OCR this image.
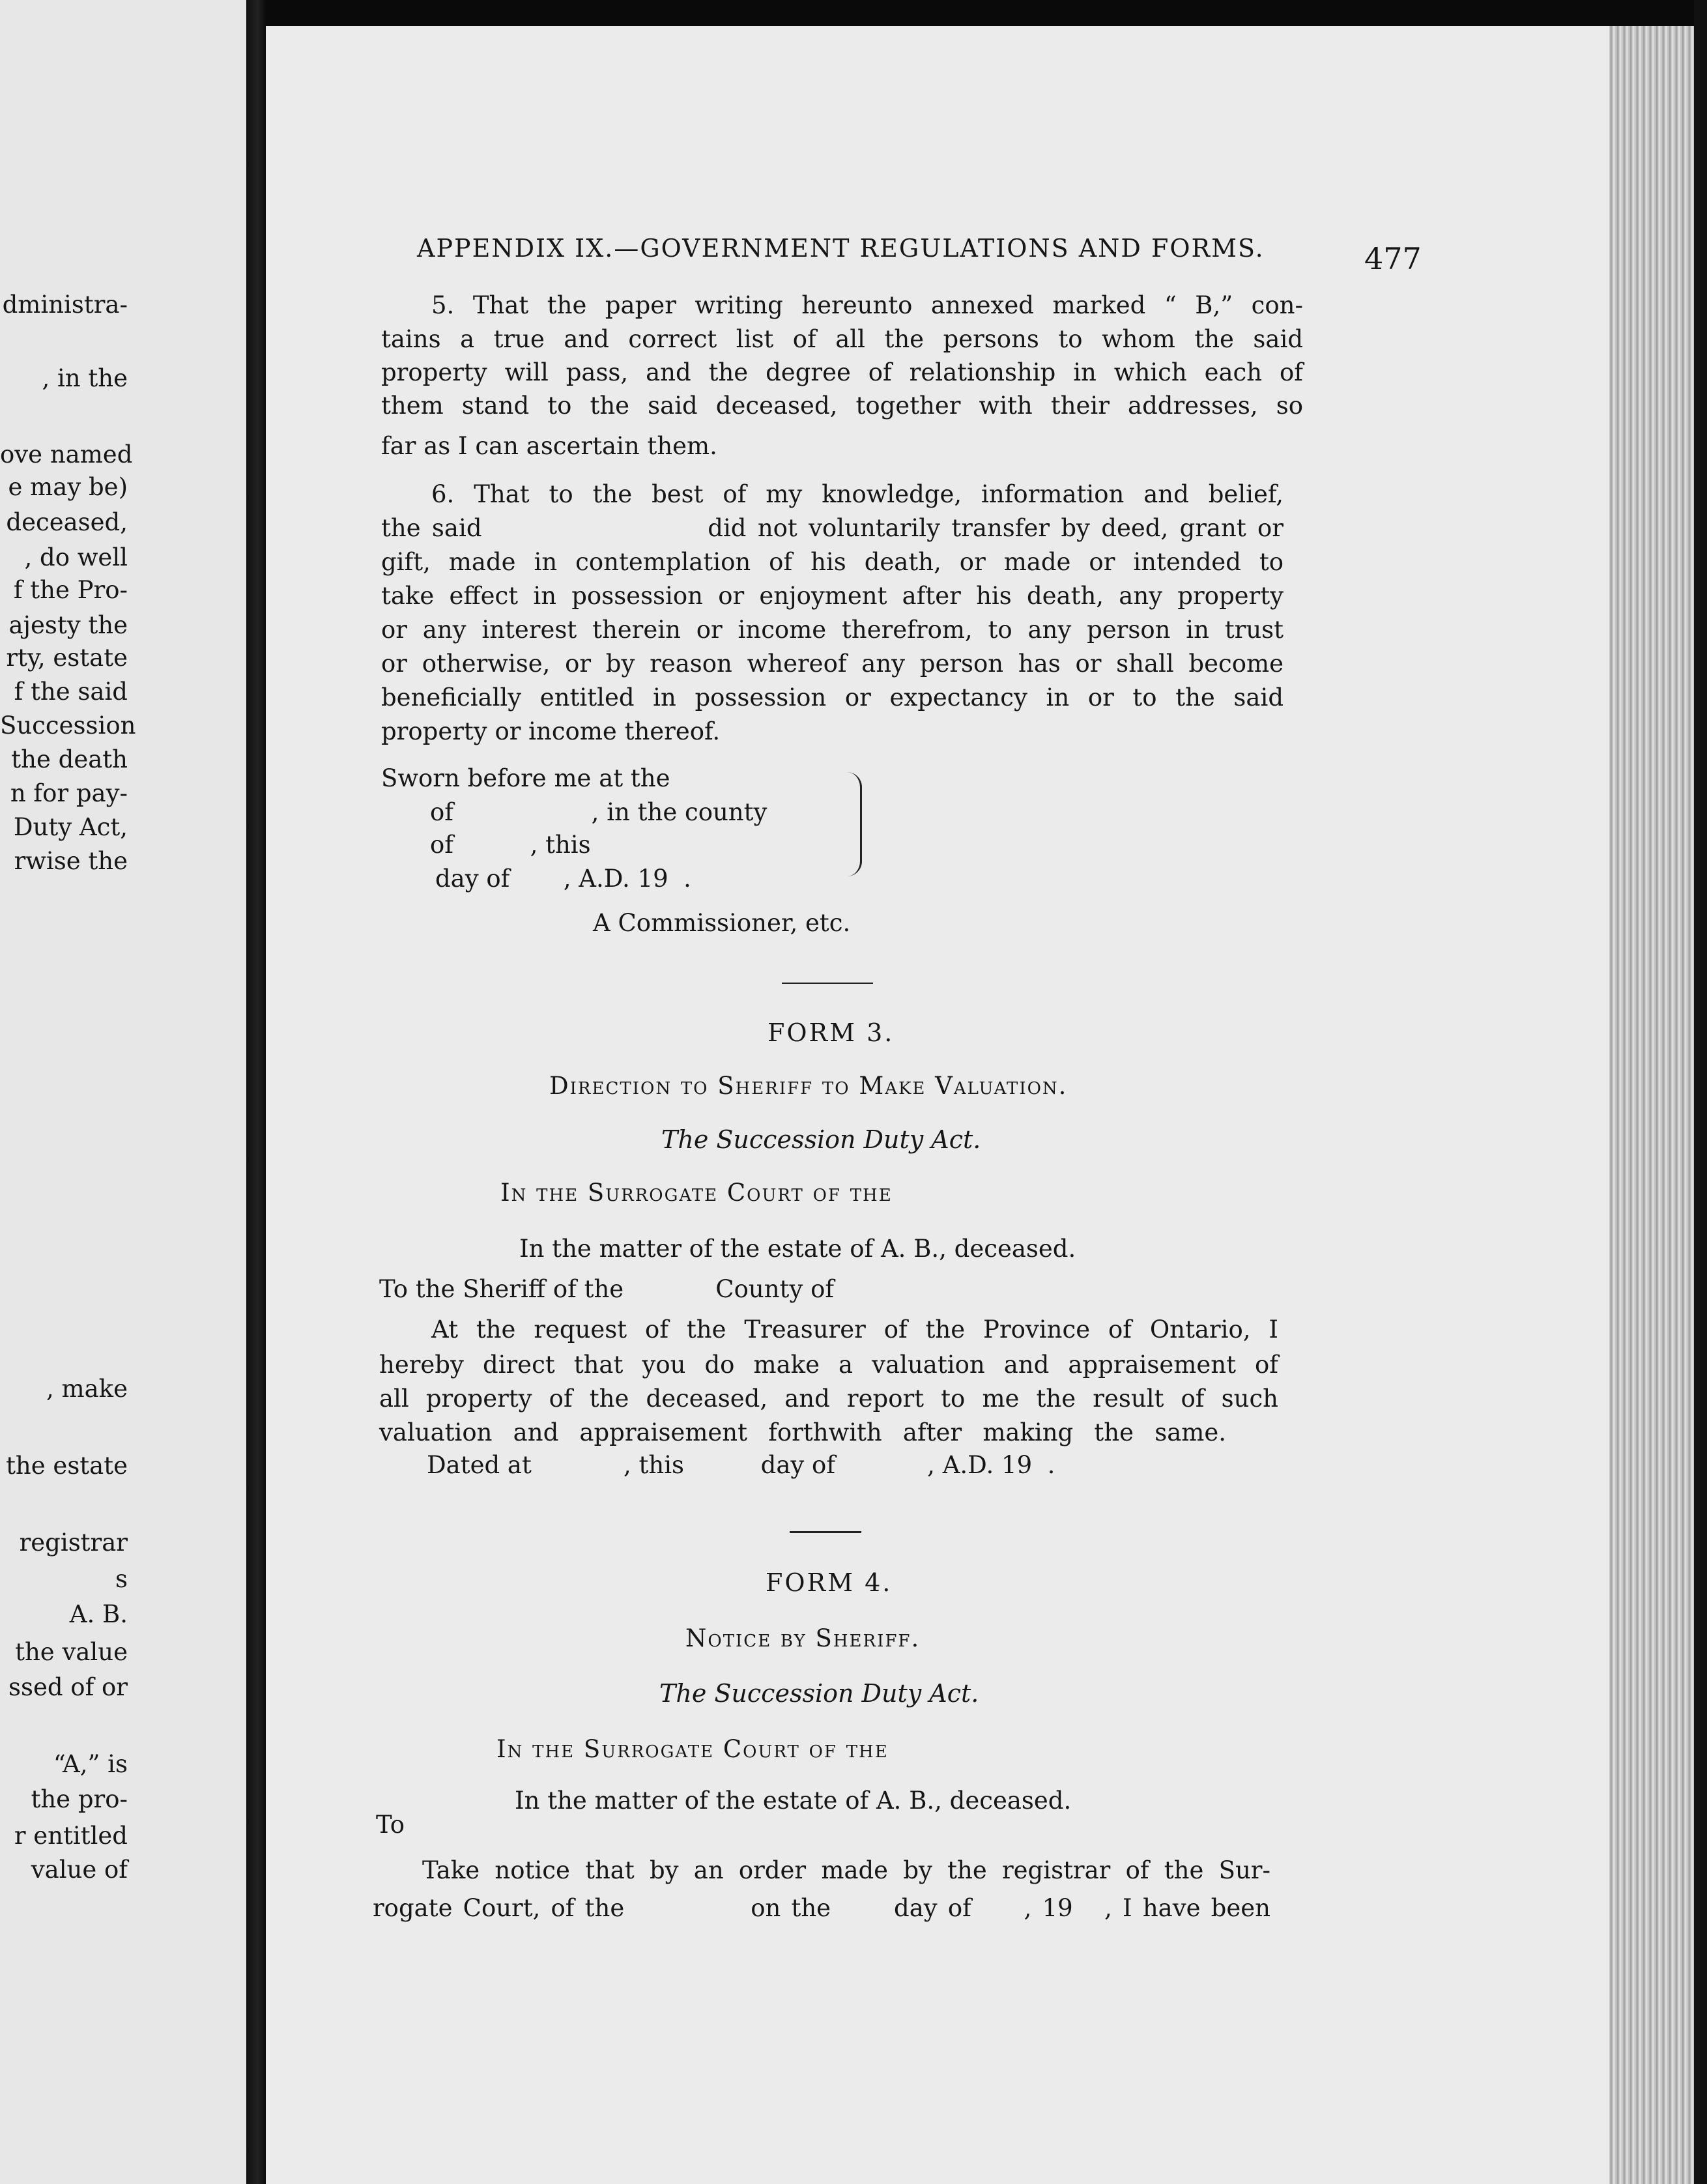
dministra-
, in the
ove named
e may be)
deceased,
, do well
f the Pro-
ajesty the
rty, estate
f the said
Succession
the death
n for pay-
Duty Act,
rwise the
, make
the estate
registrar
s
A. B.
the value
ssed of or
“A,” is
the pro-
r entitled
value of
APPENDIX IX.—GOVERNMENT REGULATIONS AND FORMS.	477
5. That the paper writing hereunto annexed marked “ B,” con-
tains a true and correct list of all the persons to whom the said
property will pass, and the degree of relationship in which each of
them stand to the said deceased, together with their addresses, so
far as I can ascertain them.
6. That to the best of my knowledge, information and belief,
the said                    did not voluntarily transfer by deed, grant or
gift, made in contemplation of his death, or made or intended to
take effect in possession or enjoyment after his death, any property
or any interest therein or income therefrom, to any person in trust
or otherwise, or by reason whereof any person has or shall become
beneficially entitled in possession or expectancy in or to the said
property or income thereof.
Sworn before me at the
of                  , in the county
of          , this
day of       , A.D. 19  .
A Commissioner, etc.
FORM 3.
Direction to Sheriff to Make Valuation.
The Succession Duty Act.
In the Surrogate Court of the
In the matter of the estate of A. B., deceased.
To the Sheriff of the            County of
At the request of the Treasurer of the Province of Ontario, I
hereby direct that you do make a valuation and appraisement of
all property of the deceased, and report to me the result of such
valuation and appraisement forthwith after making the same.
Dated at            , this          day of            , A.D. 19  .
FORM 4.
Notice by Sheriff.
The Succession Duty Act.
In the Surrogate Court of the
In the matter of the estate of A. B., deceased.
To
Take notice that by an order made by the registrar of the Sur-
rogate Court, of the            on the      day of     , 19   , I have been
